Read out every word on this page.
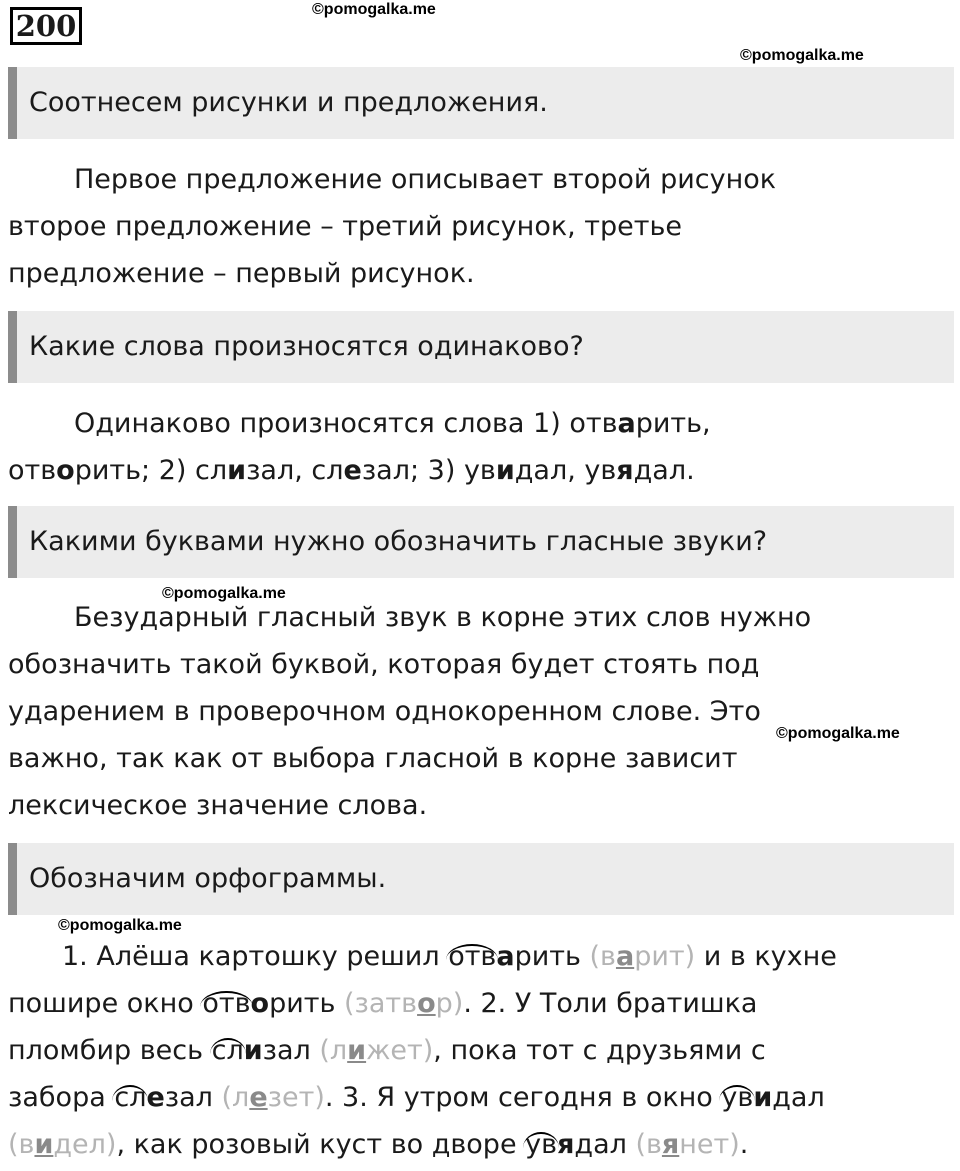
200	©pomogalka.me
©pomogalka.me
©pomogalka.me
©pomogalka.me
©pomogalka.me
Соотнесем рисунки и предложения.
Первое предложение описывает второй рисунок
второе предложение – третий рисунок, третье
предложение – первый рисунок.
Какие слова произносятся одинаково?
Одинаково произносятся слова 1) отварить,
отворить; 2) слизал, слезал; 3) увидал, увядал.
Какими буквами нужно обозначить гласные звуки?
Безударный гласный звук в корне этих слов нужно
обозначить такой буквой, которая будет стоять под
ударением в проверочном однокоренном слове. Это
важно, так как от выбора гласной в корне зависит
лексическое значение слова.
Обозначим орфограммы.
1. Алёша картошку решил отварить (варит) и в кухне
пошире окно отворить (затвор). 2. У Толи братишка
пломбир весь слизал (лижет), пока тот с друзьями с
забора слезал (лезет). 3. Я утром сегодня в окно увидал
(видел), как розовый куст во дворе увядал (вянет).
